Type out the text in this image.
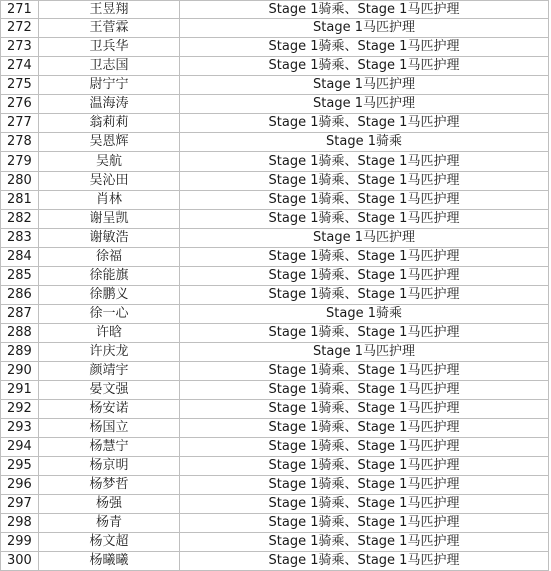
271	王昱翔	Stage 1骑乘、Stage 1马匹护理
272	王菅霖	Stage 1马匹护理
273	卫兵华	Stage 1骑乘、Stage 1马匹护理
274	卫志国	Stage 1骑乘、Stage 1马匹护理
275	尉宁宁	Stage 1马匹护理
276	温海涛	Stage 1马匹护理
277	翁莉莉	Stage 1骑乘、Stage 1马匹护理
278	吴恩辉	Stage 1骑乘
279	吴航	Stage 1骑乘、Stage 1马匹护理
280	吴沁田	Stage 1骑乘、Stage 1马匹护理
281	肖林	Stage 1骑乘、Stage 1马匹护理
282	谢呈凯	Stage 1骑乘、Stage 1马匹护理
283	谢敏浩	Stage 1马匹护理
284	徐福	Stage 1骑乘、Stage 1马匹护理
285	徐能旗	Stage 1骑乘、Stage 1马匹护理
286	徐鹏义	Stage 1骑乘、Stage 1马匹护理
287	徐一心	Stage 1骑乘
288	许晗	Stage 1骑乘、Stage 1马匹护理
289	许庆龙	Stage 1马匹护理
290	颜靖宇	Stage 1骑乘、Stage 1马匹护理
291	晏文强	Stage 1骑乘、Stage 1马匹护理
292	杨安诺	Stage 1骑乘、Stage 1马匹护理
293	杨国立	Stage 1骑乘、Stage 1马匹护理
294	杨慧宁	Stage 1骑乘、Stage 1马匹护理
295	杨京明	Stage 1骑乘、Stage 1马匹护理
296	杨梦哲	Stage 1骑乘、Stage 1马匹护理
297	杨强	Stage 1骑乘、Stage 1马匹护理
298	杨青	Stage 1骑乘、Stage 1马匹护理
299	杨文超	Stage 1骑乘、Stage 1马匹护理
300	杨曦曦	Stage 1骑乘、Stage 1马匹护理
